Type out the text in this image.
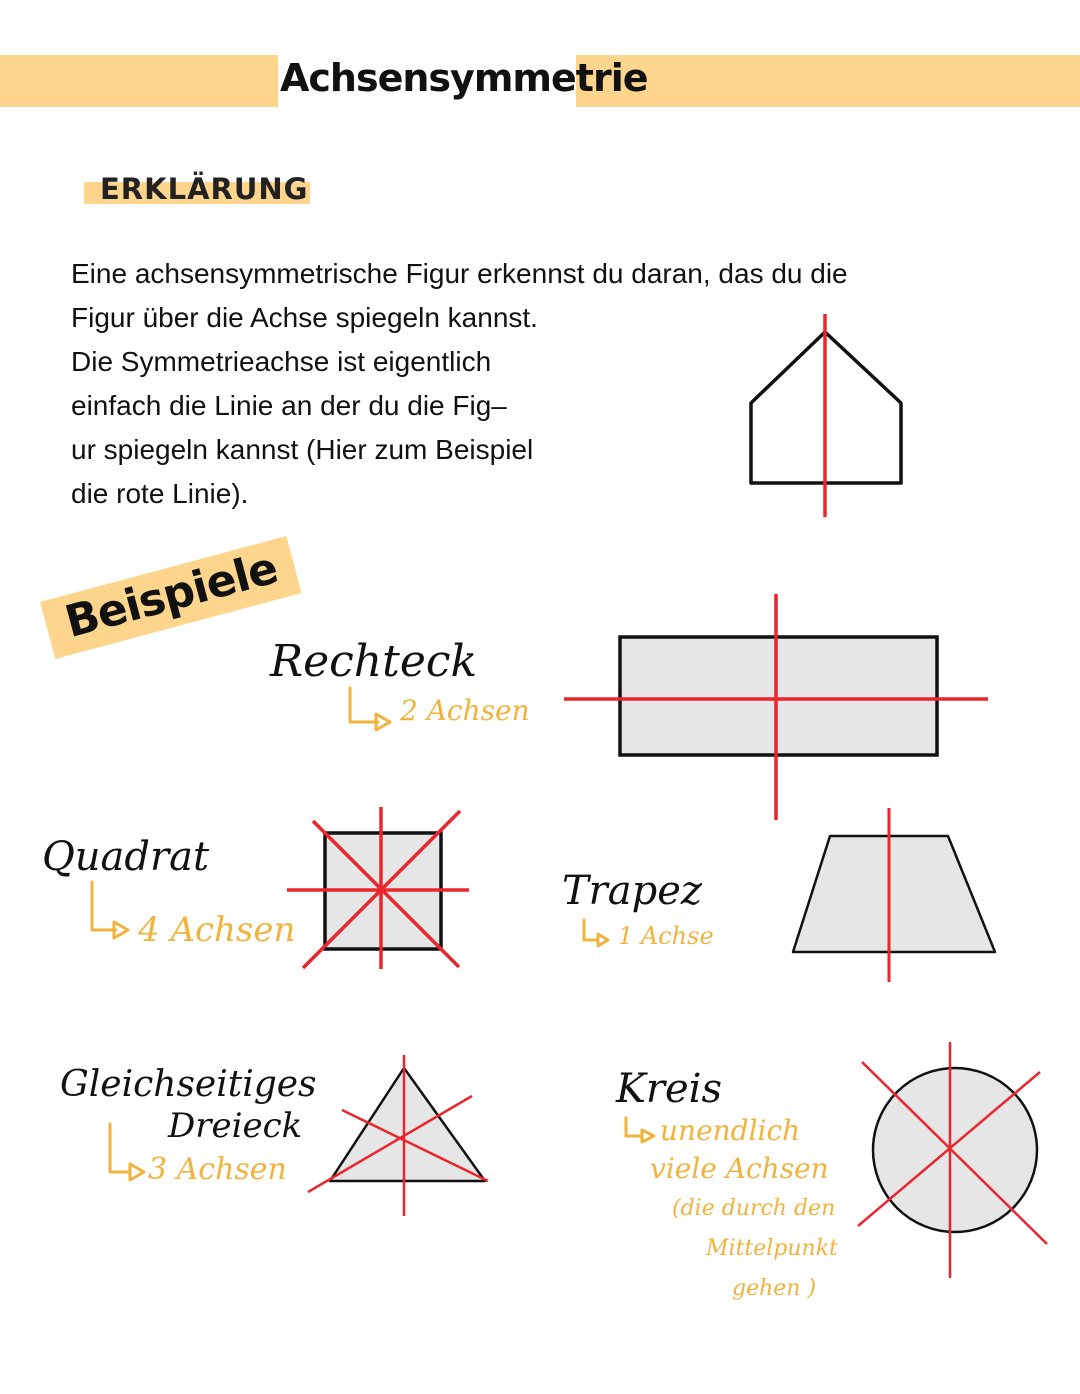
Achsensymmetrie
ERKLÄRUNG

Eine achsensymmetrische Figur erkennst du daran, das du die
Figur über die Achse spiegeln kannst.
Die Symmetrieachse ist eigentlich
einfach die Linie an der du die Fig–
ur spiegeln kannst (Hier zum Beispiel
die rote Linie).

Beispiele
Rechteck
2 Achsen
Quadrat
4 Achsen
Trapez
1 Achse
Gleichseitiges
Dreieck
3 Achsen
Kreis
unendlich
viele Achsen
(die durch den
Mittelpunkt
gehen )
